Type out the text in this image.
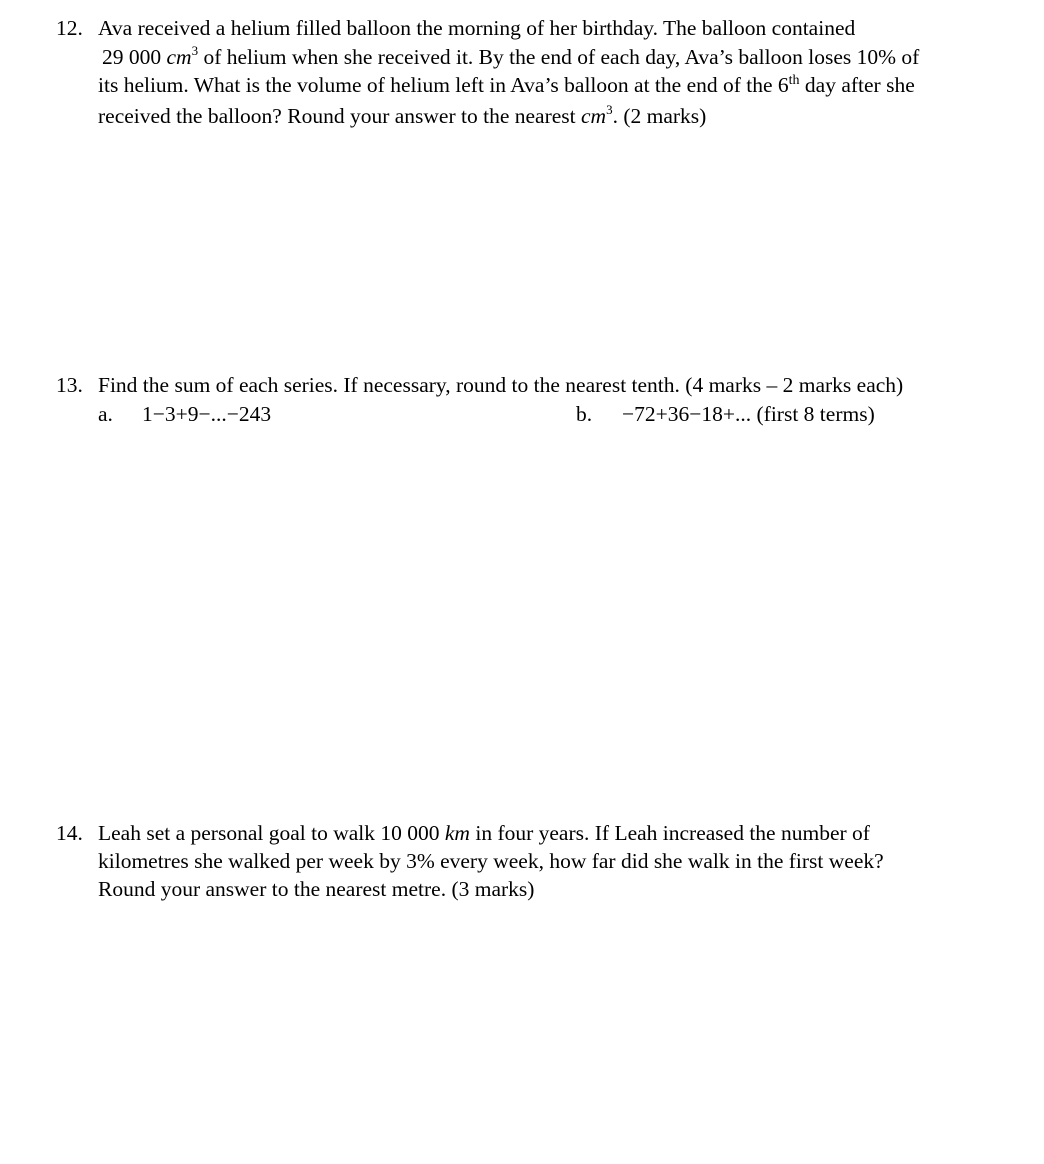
12. Ava received a helium filled balloon the morning of her birthday. The balloon contained
29 000 $cm^3$ of helium when she received it. By the end of each day, Ava’s balloon loses 10% of
its helium. What is the volume of helium left in Ava’s balloon at the end of the 6th day after she
received the balloon? Round your answer to the nearest $cm^3$. (2 marks)
13. Find the sum of each series. If necessary, round to the nearest tenth. (4 marks – 2 marks each)
a. 1−3+9−...−243	b. −72+36−18+... (first 8 terms)
14. Leah set a personal goal to walk 10 000 km in four years. If Leah increased the number of
kilometres she walked per week by 3% every week, how far did she walk in the first week?
Round your answer to the nearest metre. (3 marks)
